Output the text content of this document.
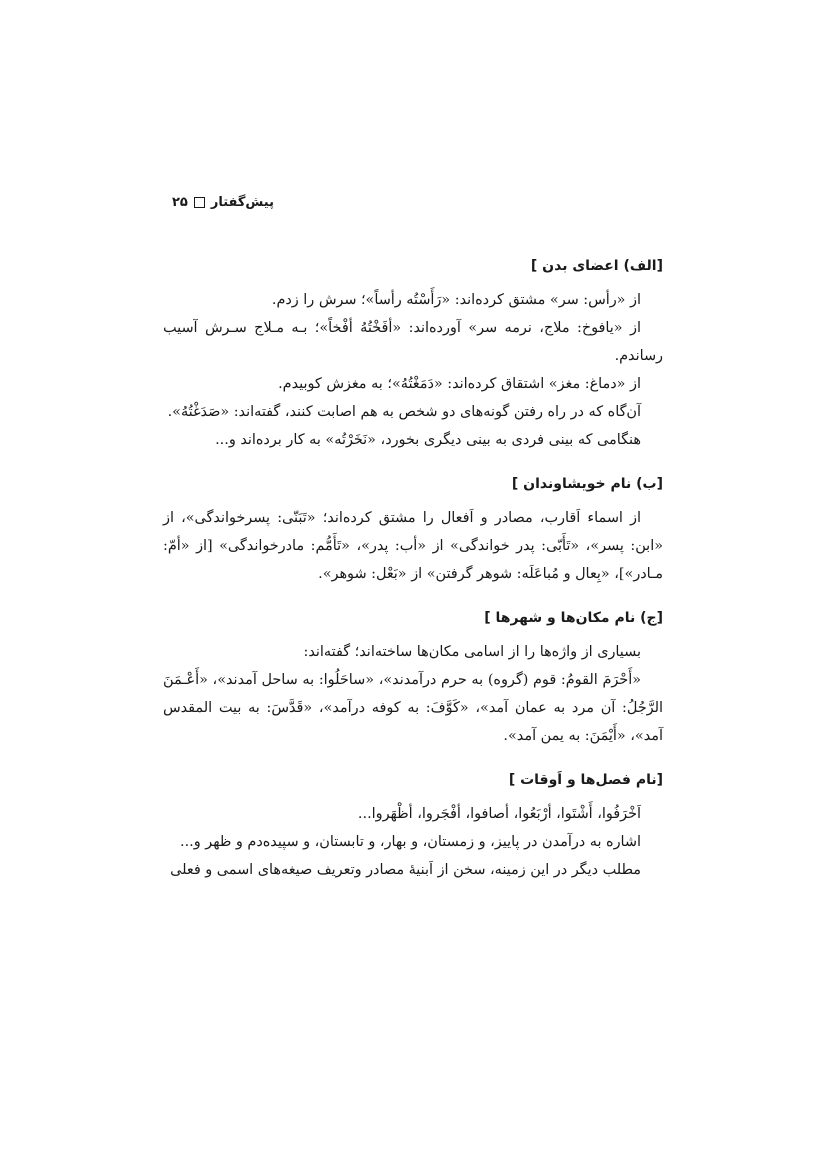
پیش‌گفتار
۲۵
[الف) اعضای بدن ]

از «رأس: سر» مشتق کرده‌اند: «رَأَسْتُه رأساً»؛ سرش را زدم.

از «یافوخ: ملاج، نرمه سر» آورده‌اند: «أفَخْتُهُ أفْخاً»؛ بـه مـلاج سـرش آسیب رساندم.

از «دماغ: مغز» اشتقاق کرده‌اند: «دَمَغْتُهُ»؛ به مغزش کوبیدم.

آن‌گاه که در راه رفتن گونه‌های دو شخص به هم اصابت کنند، گفته‌اند: «صَدَغْتُهُ».

هنگامی که بینی فردی به بینی دیگری بخورد، «نَخَرْتُه» به کار برده‌اند و...

[ب) نام خویشاوندان ]

از اسماء اَقارب، مصادر و اَفعال را مشتق کرده‌اند؛ «تَبَنّی: پسرخواندگی»، از «ابن: پسر»، «تَأَبّی: پدر خواندگی» از «أب: پدر»، «تَأَمُّم: مادرخواندگی» [از «أمّ: مـادر»]، «بِعال و مُباعَلَه: شوهر گرفتن» از «بَعْل: شوهر».

[ج) نام مکان‌ها و شهرها ]

بسیاری از واژه‌ها را از اسامی مکان‌ها ساخته‌اند؛ گفته‌اند:

«أَحْرَمَ القومُ: قوم (گروه) به حرم درآمدند»، «ساحَلُوا: به ساحل آمدند»، «أَعْـمَنَ الرَّجُلُ: آن مرد به عمان آمد»، «کَوَّفَ: به کوفه درآمد»، «قَدَّسَ: به بیت المقدس آمد»، «أَیْمَنَ: به یمن آمد».

[نام فصل‌ها و اَوقات ]

اَخْرَفُوا، أَشْتَوا، أرْبَعُوا، أصافوا، أفْجَروا، أظْهَروا...

اشاره به درآمدن در پاییز، و زمستان، و بهار، و تابستان، و سپیده‌دم و ظهر و...

مطلب دیگر در این زمینه، سخن از اَبنیهٔ مصادر وتعریف صیغه‌های اسمی و فعلی
